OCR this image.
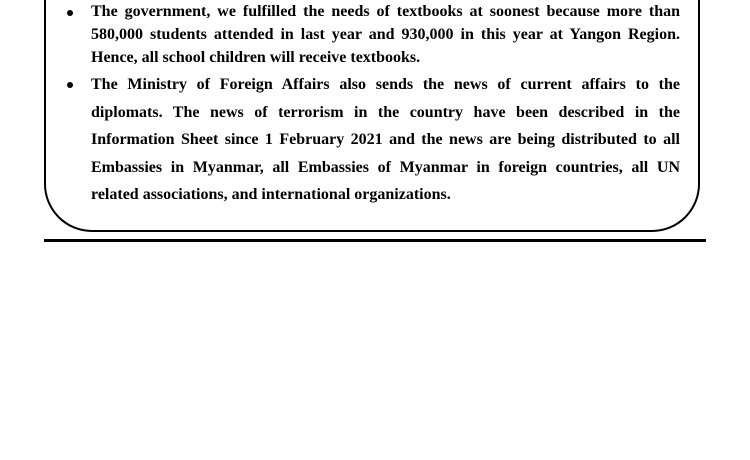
The government, we fulfilled the needs of textbooks at soonest because more than 580,000 students attended in last year and 930,000 in this year at Yangon Region. Hence, all school children will receive textbooks.
The Ministry of Foreign Affairs also sends the news of current affairs to the diplomats. The news of terrorism in the country have been described in the Information Sheet since 1 February 2021 and the news are being distributed to all Embassies in Myanmar, all Embassies of Myanmar in foreign countries, all UN related associations, and international organizations.
